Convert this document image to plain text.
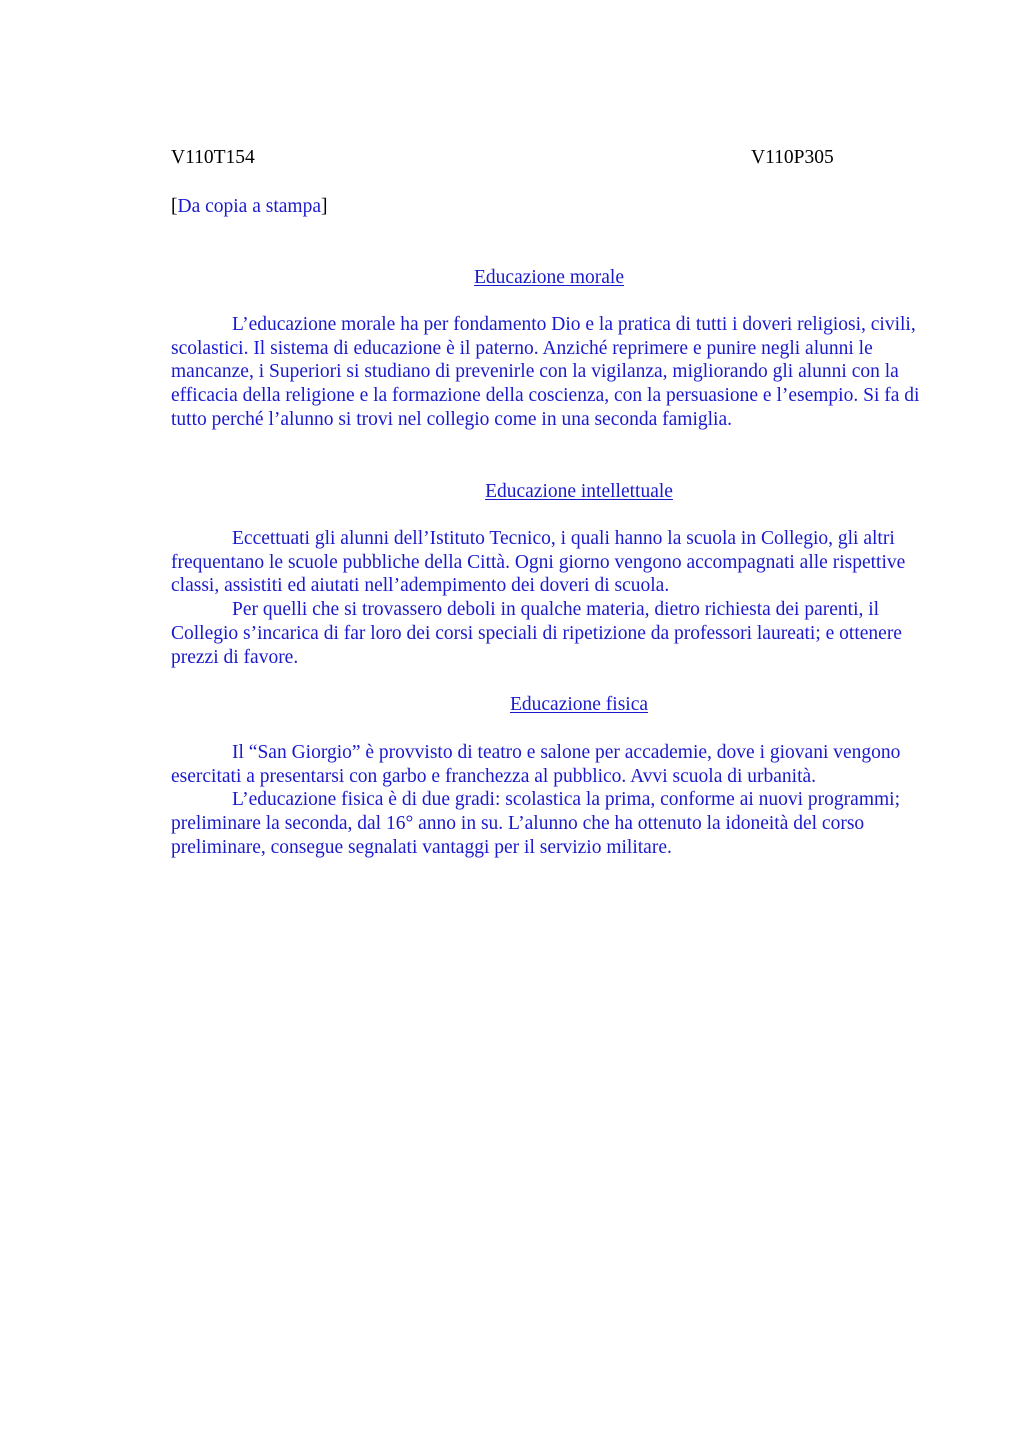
V110T154	V110P305

[Da copia a stampa]

Educazione morale

L’educazione morale ha per fondamento Dio e la pratica di tutti i doveri religiosi, civili, scolastici. Il sistema di educazione è il paterno. Anziché reprimere e punire negli alunni le mancanze, i Superiori si studiano di prevenirle con la vigilanza, migliorando gli alunni con la efficacia della religione e la formazione della coscienza, con la persuasione e l’esempio. Si fa di tutto perché l’alunno si trovi nel collegio come in una seconda famiglia.

Educazione intellettuale

Eccettuati gli alunni dell’Istituto Tecnico, i quali hanno la scuola in Collegio, gli altri frequentano le scuole pubbliche della Città. Ogni giorno vengono accompagnati alle rispettive classi, assistiti ed aiutati nell’adempimento dei doveri di scuola.

Per quelli che si trovassero deboli in qualche materia, dietro richiesta dei parenti, il Collegio s’incarica di far loro dei corsi speciali di ripetizione da professori laureati; e ottenere prezzi di favore.

Educazione fisica

Il “San Giorgio” è provvisto di teatro e salone per accademie, dove i giovani vengono esercitati a presentarsi con garbo e franchezza al pubblico. Avvi scuola di urbanità.

L’educazione fisica è di due gradi: scolastica la prima, conforme ai nuovi programmi; preliminare la seconda, dal 16° anno in su. L’alunno che ha ottenuto la idoneità del corso preliminare, consegue segnalati vantaggi per il servizio militare.
